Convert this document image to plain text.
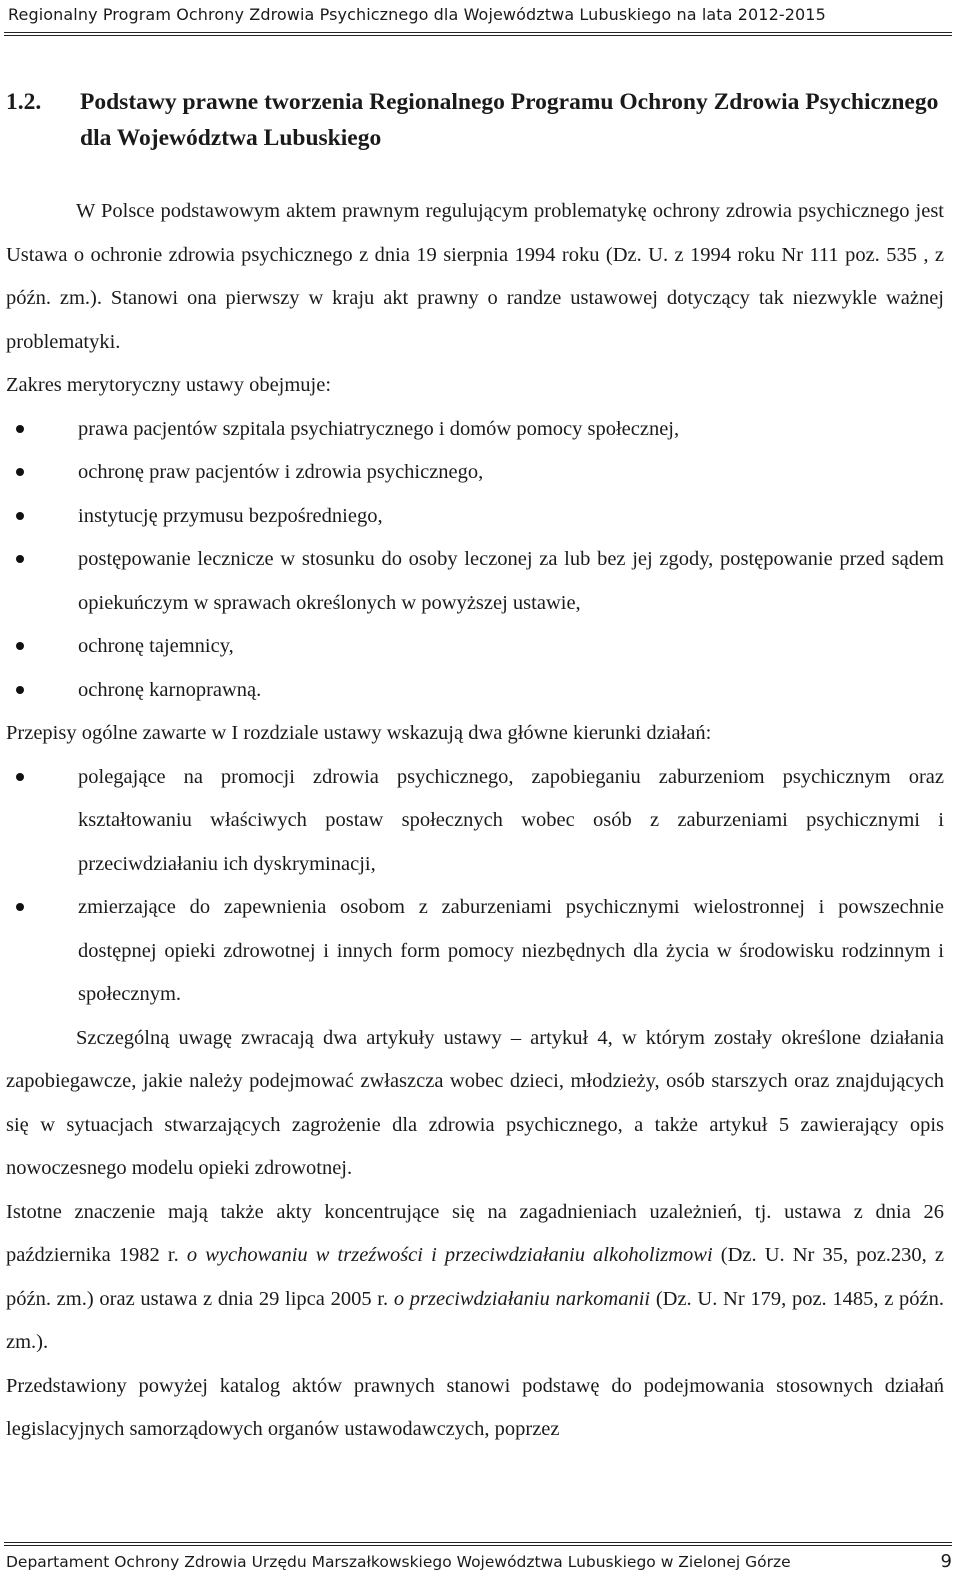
Regionalny Program Ochrony Zdrowia Psychicznego dla Województwa Lubuskiego na lata 2012-2015
1.2.	Podstawy prawne tworzenia Regionalnego Programu Ochrony Zdrowia Psychicznego dla Województwa Lubuskiego

W Polsce podstawowym aktem prawnym regulującym problematykę ochrony zdrowia psychicznego jest Ustawa o ochronie zdrowia psychicznego z dnia 19 sierpnia 1994 roku (Dz. U. z 1994 roku Nr 111 poz. 535 , z późn. zm.). Stanowi ona pierwszy w kraju akt prawny o randze ustawowej dotyczący tak niezwykle ważnej problematyki.

Zakres merytoryczny ustawy obejmuje:

prawa pacjentów szpitala psychiatrycznego i domów pomocy społecznej,
ochronę praw pacjentów i zdrowia psychicznego,
instytucję przymusu bezpośredniego,
postępowanie lecznicze w stosunku do osoby leczonej za lub bez jej zgody, postępowanie przed sądem opiekuńczym w sprawach określonych w powyższej ustawie,
ochronę tajemnicy,
ochronę karnoprawną.

Przepisy ogólne zawarte w I rozdziale ustawy wskazują dwa główne kierunki działań:

polegające na promocji zdrowia psychicznego, zapobieganiu zaburzeniom psychicznym oraz kształtowaniu właściwych postaw społecznych wobec osób z zaburzeniami psychicznymi i przeciwdziałaniu ich dyskryminacji,
zmierzające do zapewnienia osobom z zaburzeniami psychicznymi wielostronnej i powszechnie dostępnej opieki zdrowotnej i innych form pomocy niezbędnych dla życia w środowisku rodzinnym i społecznym.

Szczególną uwagę zwracają dwa artykuły ustawy – artykuł 4, w którym zostały określone działania zapobiegawcze, jakie należy podejmować zwłaszcza wobec dzieci, młodzieży, osób starszych oraz znajdujących się w sytuacjach stwarzających zagrożenie dla zdrowia psychicznego, a także artykuł 5 zawierający opis nowoczesnego modelu opieki zdrowotnej.

Istotne znaczenie mają także akty koncentrujące się na zagadnieniach uzależnień, tj. ustawa z dnia 26 października 1982 r. o wychowaniu w trzeźwości i przeciwdziałaniu alkoholizmowi (Dz. U. Nr 35, poz.230, z późn. zm.) oraz ustawa z dnia 29 lipca 2005 r. o przeciwdziałaniu narkomanii (Dz. U. Nr 179, poz. 1485, z późn. zm.).

Przedstawiony powyżej katalog aktów prawnych stanowi podstawę do podejmowania stosownych działań legislacyjnych samorządowych organów ustawodawczych, poprzez

Departament Ochrony Zdrowia Urzędu Marszałkowskiego Województwa Lubuskiego w Zielonej Górze	9
